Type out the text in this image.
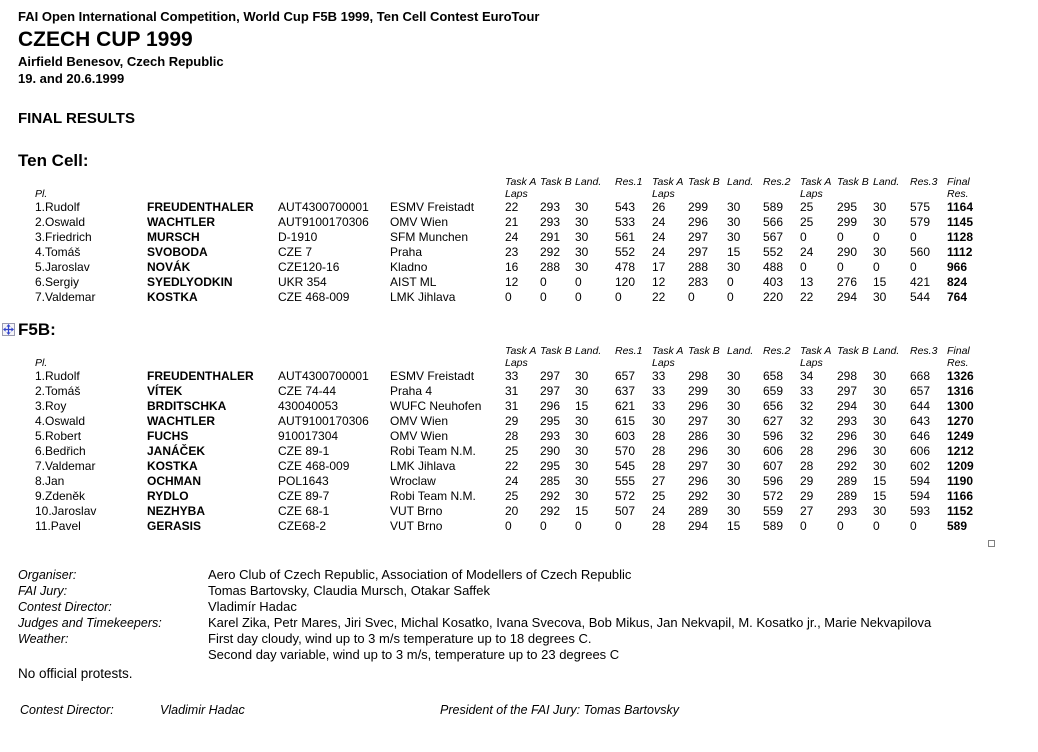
FAI Open International Competition, World Cup F5B 1999, Ten Cell Contest EuroTour
CZECH CUP 1999
Airfield Benesov, Czech Republic
19. and 20.6.1999
FINAL RESULTS
Ten Cell:
				Task A	Task B	Land.	Res.1	Task A	Task B	Land.	Res.2	Task A	Task B	Land.	Res.3	Final
Pl.				Laps				Laps				Laps				Res.
1.Rudolf	FREUDENTHALER	AUT4300700001	ESMV Freistadt	22	293	30	543	26	299	30	589	25	295	30	575	1164
2.Oswald	WACHTLER	AUT9100170306	OMV Wien	21	293	30	533	24	296	30	566	25	299	30	579	1145
3.Friedrich	MURSCH	D-1910	SFM Munchen	24	291	30	561	24	297	30	567	0	0	0	0	1128
4.Tomáš	SVOBODA	CZE 7	Praha	23	292	30	552	24	297	15	552	24	290	30	560	1112
5.Jaroslav	NOVÁK	CZE120-16	Kladno	16	288	30	478	17	288	30	488	0	0	0	0	966
6.Sergiy	SYEDLYODKIN	UKR 354	AIST ML	12	0	0	120	12	283	0	403	13	276	15	421	824
7.Valdemar	KOSTKA	CZE 468-009	LMK Jihlava	0	0	0	0	22	0	0	220	22	294	30	544	764
F5B:
				Task A	Task B	Land.	Res.1	Task A	Task B	Land.	Res.2	Task A	Task B	Land.	Res.3	Final
Pl.				Laps				Laps				Laps				Res.
1.Rudolf	FREUDENTHALER	AUT4300700001	ESMV Freistadt	33	297	30	657	33	298	30	658	34	298	30	668	1326
2.Tomáš	VÍTEK	CZE 74-44	Praha 4	31	297	30	637	33	299	30	659	33	297	30	657	1316
3.Roy	BRDITSCHKA	430040053	WUFC Neuhofen	31	296	15	621	33	296	30	656	32	294	30	644	1300
4.Oswald	WACHTLER	AUT9100170306	OMV Wien	29	295	30	615	30	297	30	627	32	293	30	643	1270
5.Robert	FUCHS	910017304	OMV Wien	28	293	30	603	28	286	30	596	32	296	30	646	1249
6.Bedřich	JANÁČEK	CZE 89-1	Robi Team N.M.	25	290	30	570	28	296	30	606	28	296	30	606	1212
7.Valdemar	KOSTKA	CZE 468-009	LMK Jihlava	22	295	30	545	28	297	30	607	28	292	30	602	1209
8.Jan	OCHMAN	POL1643	Wroclaw	24	285	30	555	27	296	30	596	29	289	15	594	1190
9.Zdeněk	RYDLO	CZE 89-7	Robi Team N.M.	25	292	30	572	25	292	30	572	29	289	15	594	1166
10.Jaroslav	NEZHYBA	CZE 68-1	VUT Brno	20	292	15	507	24	289	30	559	27	293	30	593	1152
11.Pavel	GERASIS	CZE68-2	VUT Brno	0	0	0	0	28	294	15	589	0	0	0	0	589
Organiser:	Aero Club of Czech Republic, Association of Modellers of Czech Republic
FAI Jury:	Tomas Bartovsky, Claudia Mursch, Otakar Saffek
Contest Director:	Vladimír Hadac
Judges and Timekeepers:	Karel Zika, Petr Mares, Jiri Svec, Michal Kosatko, Ivana Svecova, Bob Mikus, Jan Nekvapil, M. Kosatko jr., Marie Nekvapilova
Weather:	First day cloudy, wind up to 3 m/s temperature up to 18 degrees C.
Second day variable, wind up to 3 m/s, temperature up to 23 degrees C
No official protests.
Contest Director:	Vladimir Hadac	President of the FAI Jury: Tomas Bartovsky
